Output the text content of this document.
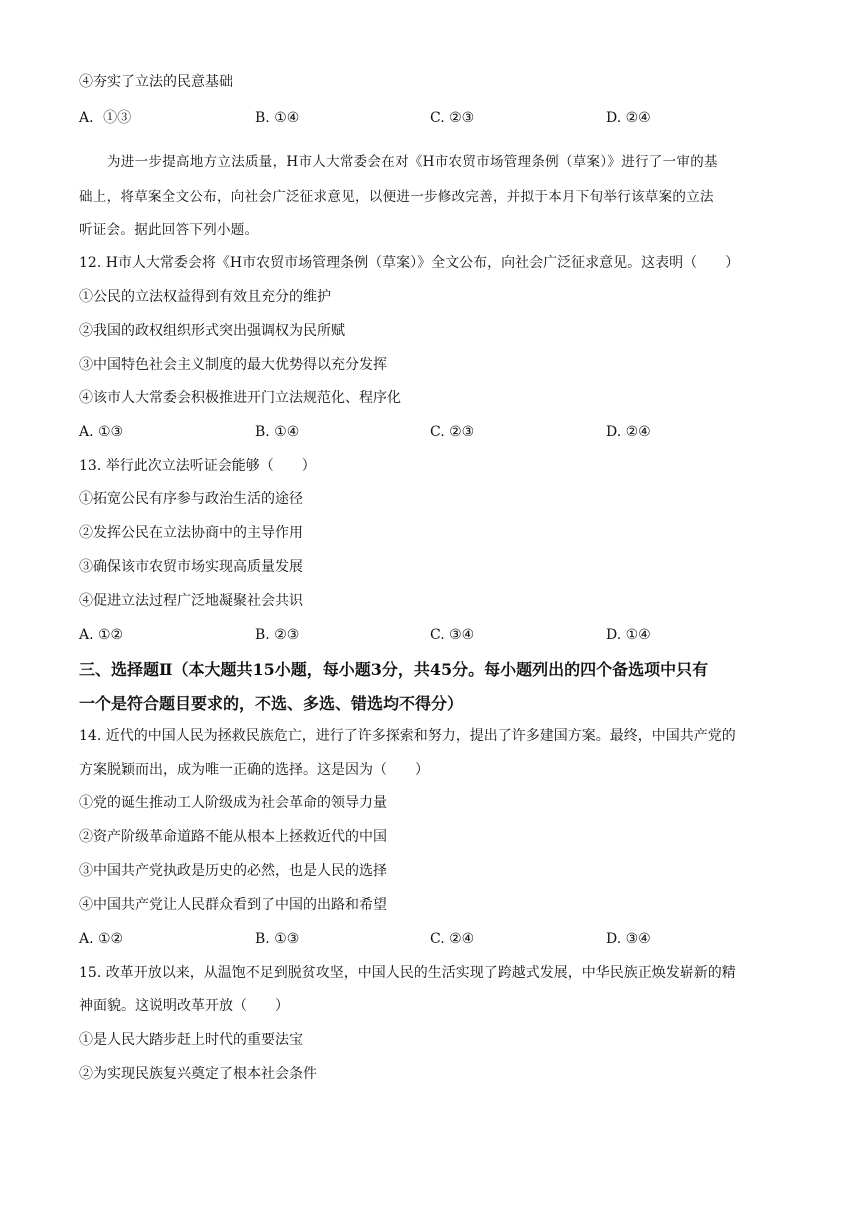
④夯实了立法的民意基础
A．①③	B. ①④	C. ②③	D. ②④
为进一步提高地方立法质量，H市人大常委会在对《H市农贸市场管理条例（草案）》进行了一审的基
础上，将草案全文公布，向社会广泛征求意见，以便进一步修改完善，并拟于本月下旬举行该草案的立法
听证会。据此回答下列小题。
12. H市人大常委会将《H市农贸市场管理条例（草案）》全文公布，向社会广泛征求意见。这表明（　　）
①公民的立法权益得到有效且充分的维护
②我国的政权组织形式突出强调权为民所赋
③中国特色社会主义制度的最大优势得以充分发挥
④该市人大常委会积极推进开门立法规范化、程序化
A. ①③	B. ①④	C. ②③	D. ②④
13. 举行此次立法听证会能够（　　）
①拓宽公民有序参与政治生活的途径
②发挥公民在立法协商中的主导作用
③确保该市农贸市场实现高质量发展
④促进立法过程广泛地凝聚社会共识
A. ①②	B. ②③	C. ③④	D. ①④
三、选择题Ⅱ（本大题共15小题，每小题3分，共45分。每小题列出的四个备选项中只有
一个是符合题目要求的，不选、多选、错选均不得分）
14. 近代的中国人民为拯救民族危亡，进行了许多探索和努力，提出了许多建国方案。最终，中国共产党的
方案脱颖而出，成为唯一正确的选择。这是因为（　　）
①党的诞生推动工人阶级成为社会革命的领导力量
②资产阶级革命道路不能从根本上拯救近代的中国
③中国共产党执政是历史的必然，也是人民的选择
④中国共产党让人民群众看到了中国的出路和希望
A. ①②	B. ①③	C. ②④	D. ③④
15. 改革开放以来，从温饱不足到脱贫攻坚，中国人民的生活实现了跨越式发展，中华民族正焕发崭新的精
神面貌。这说明改革开放（　　）
①是人民大踏步赶上时代的重要法宝
②为实现民族复兴奠定了根本社会条件
